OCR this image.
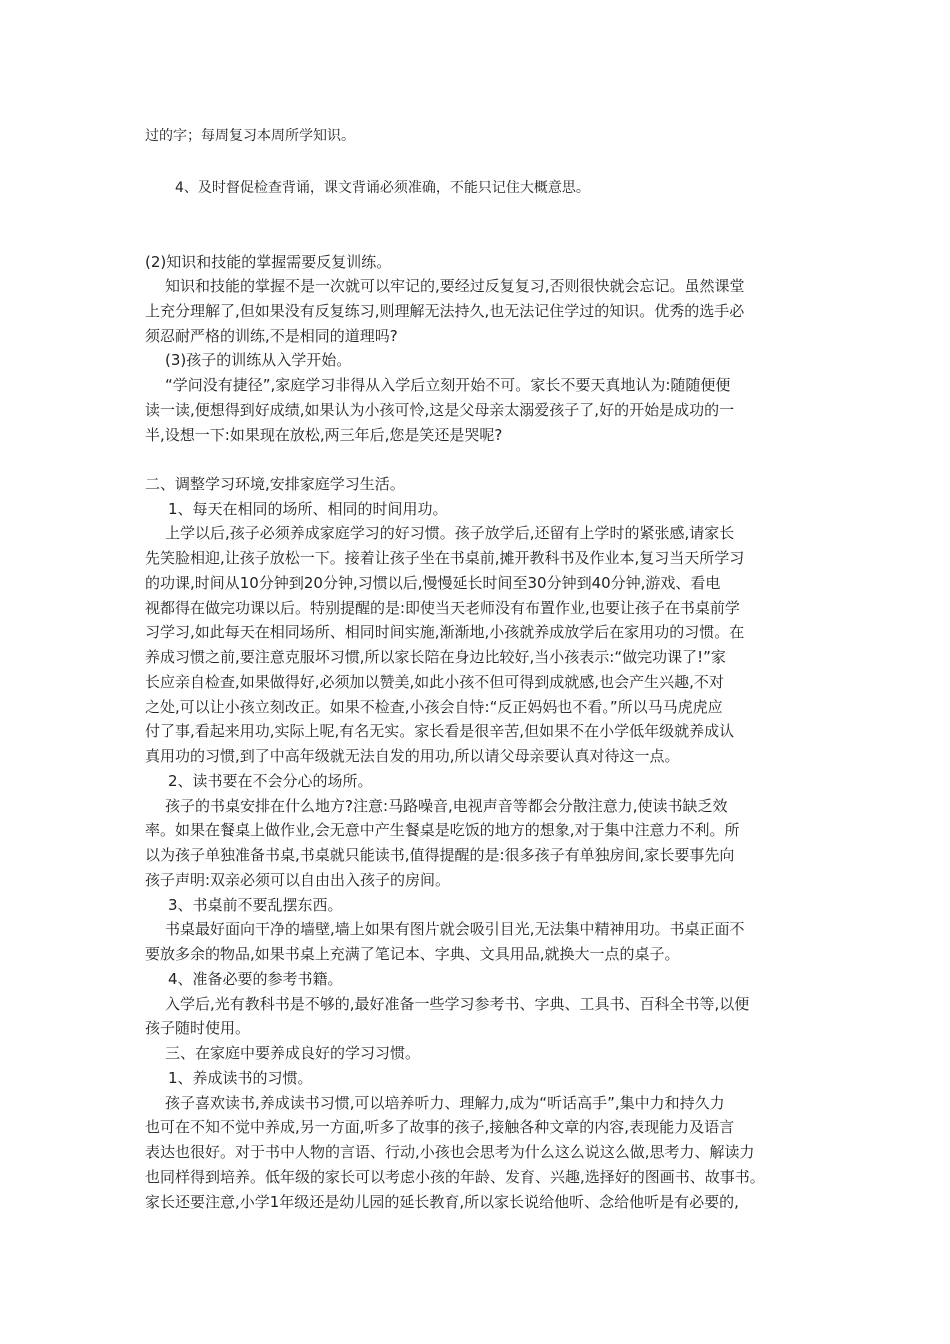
过的字；每周复习本周所学知识。
4、及时督促检查背诵，课文背诵必须准确，不能只记住大概意思。
(2)知识和技能的掌握需要反复训练。
知识和技能的掌握不是一次就可以牢记的,要经过反复复习,否则很快就会忘记。虽然课堂
上充分理解了,但如果没有反复练习,则理解无法持久,也无法记住学过的知识。优秀的选手必
须忍耐严格的训练,不是相同的道理吗?
(3)孩子的训练从入学开始。
“学问没有捷径”,家庭学习非得从入学后立刻开始不可。家长不要天真地认为:随随便便
读一读,便想得到好成绩,如果认为小孩可怜,这是父母亲太溺爱孩子了,好的开始是成功的一
半,设想一下:如果现在放松,两三年后,您是笑还是哭呢?
二、调整学习环境,安排家庭学习生活。
1、每天在相同的场所、相同的时间用功。
上学以后,孩子必须养成家庭学习的好习惯。孩子放学后,还留有上学时的紧张感,请家长
先笑脸相迎,让孩子放松一下。接着让孩子坐在书桌前,摊开教科书及作业本,复习当天所学习
的功课,时间从10分钟到20分钟,习惯以后,慢慢延长时间至30分钟到40分钟,游戏、看电
视都得在做完功课以后。特别提醒的是:即使当天老师没有布置作业,也要让孩子在书桌前学
习学习,如此每天在相同场所、相同时间实施,渐渐地,小孩就养成放学后在家用功的习惯。在
养成习惯之前,要注意克服坏习惯,所以家长陪在身边比较好,当小孩表示:“做完功课了!”家
长应亲自检查,如果做得好,必须加以赞美,如此小孩不但可得到成就感,也会产生兴趣,不对
之处,可以让小孩立刻改正。如果不检查,小孩会自恃:“反正妈妈也不看。”所以马马虎虎应
付了事,看起来用功,实际上呢,有名无实。家长看是很辛苦,但如果不在小学低年级就养成认
真用功的习惯,到了中高年级就无法自发的用功,所以请父母亲要认真对待这一点。
2、读书要在不会分心的场所。
孩子的书桌安排在什么地方?注意:马路噪音,电视声音等都会分散注意力,使读书缺乏效
率。如果在餐桌上做作业,会无意中产生餐桌是吃饭的地方的想象,对于集中注意力不利。所
以为孩子单独准备书桌,书桌就只能读书,值得提醒的是:很多孩子有单独房间,家长要事先向
孩子声明:双亲必须可以自由出入孩子的房间。
3、书桌前不要乱摆东西。
书桌最好面向干净的墙壁,墙上如果有图片就会吸引目光,无法集中精神用功。书桌正面不
要放多余的物品,如果书桌上充满了笔记本、字典、文具用品,就换大一点的桌子。
4、准备必要的参考书籍。
入学后,光有教科书是不够的,最好准备一些学习参考书、字典、工具书、百科全书等,以便
孩子随时使用。
三、在家庭中要养成良好的学习习惯。
1、养成读书的习惯。
孩子喜欢读书,养成读书习惯,可以培养听力、理解力,成为“听话高手”,集中力和持久力
也可在不知不觉中养成,另一方面,听多了故事的孩子,接触各种文章的内容,表现能力及语言
表达也很好。对于书中人物的言语、行动,小孩也会思考为什么这么说这么做,思考力、解读力
也同样得到培养。低年级的家长可以考虑小孩的年龄、发育、兴趣,选择好的图画书、故事书。
家长还要注意,小学1年级还是幼儿园的延长教育,所以家长说给他听、念给他听是有必要的,
